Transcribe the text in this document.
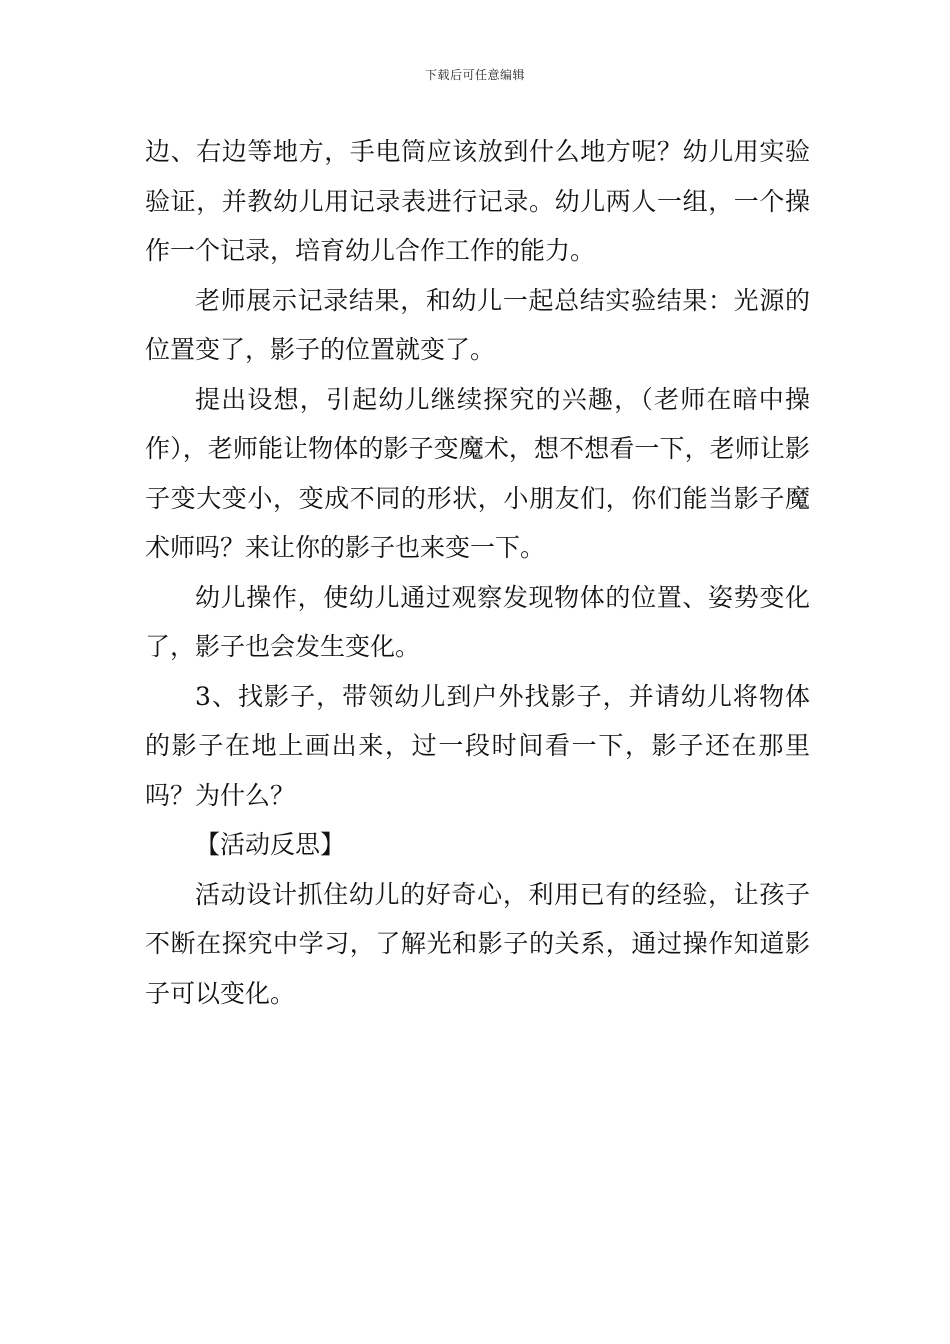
下载后可任意编辑

边、右边等地方，手电筒应该放到什么地方呢？幼儿用实验验证，并教幼儿用记录表进行记录。幼儿两人一组，一个操作一个记录，培育幼儿合作工作的能力。

老师展示记录结果，和幼儿一起总结实验结果：光源的位置变了，影子的位置就变了。

提出设想，引起幼儿继续探究的兴趣，（老师在暗中操作），老师能让物体的影子变魔术，想不想看一下，老师让影子变大变小，变成不同的形状，小朋友们，你们能当影子魔术师吗？来让你的影子也来变一下。

幼儿操作，使幼儿通过观察发现物体的位置、姿势变化了，影子也会发生变化。

3、找影子，带领幼儿到户外找影子，并请幼儿将物体的影子在地上画出来，过一段时间看一下，影子还在那里吗？为什么？

【活动反思】

活动设计抓住幼儿的好奇心，利用已有的经验，让孩子不断在探究中学习，了解光和影子的关系，通过操作知道影子可以变化。
